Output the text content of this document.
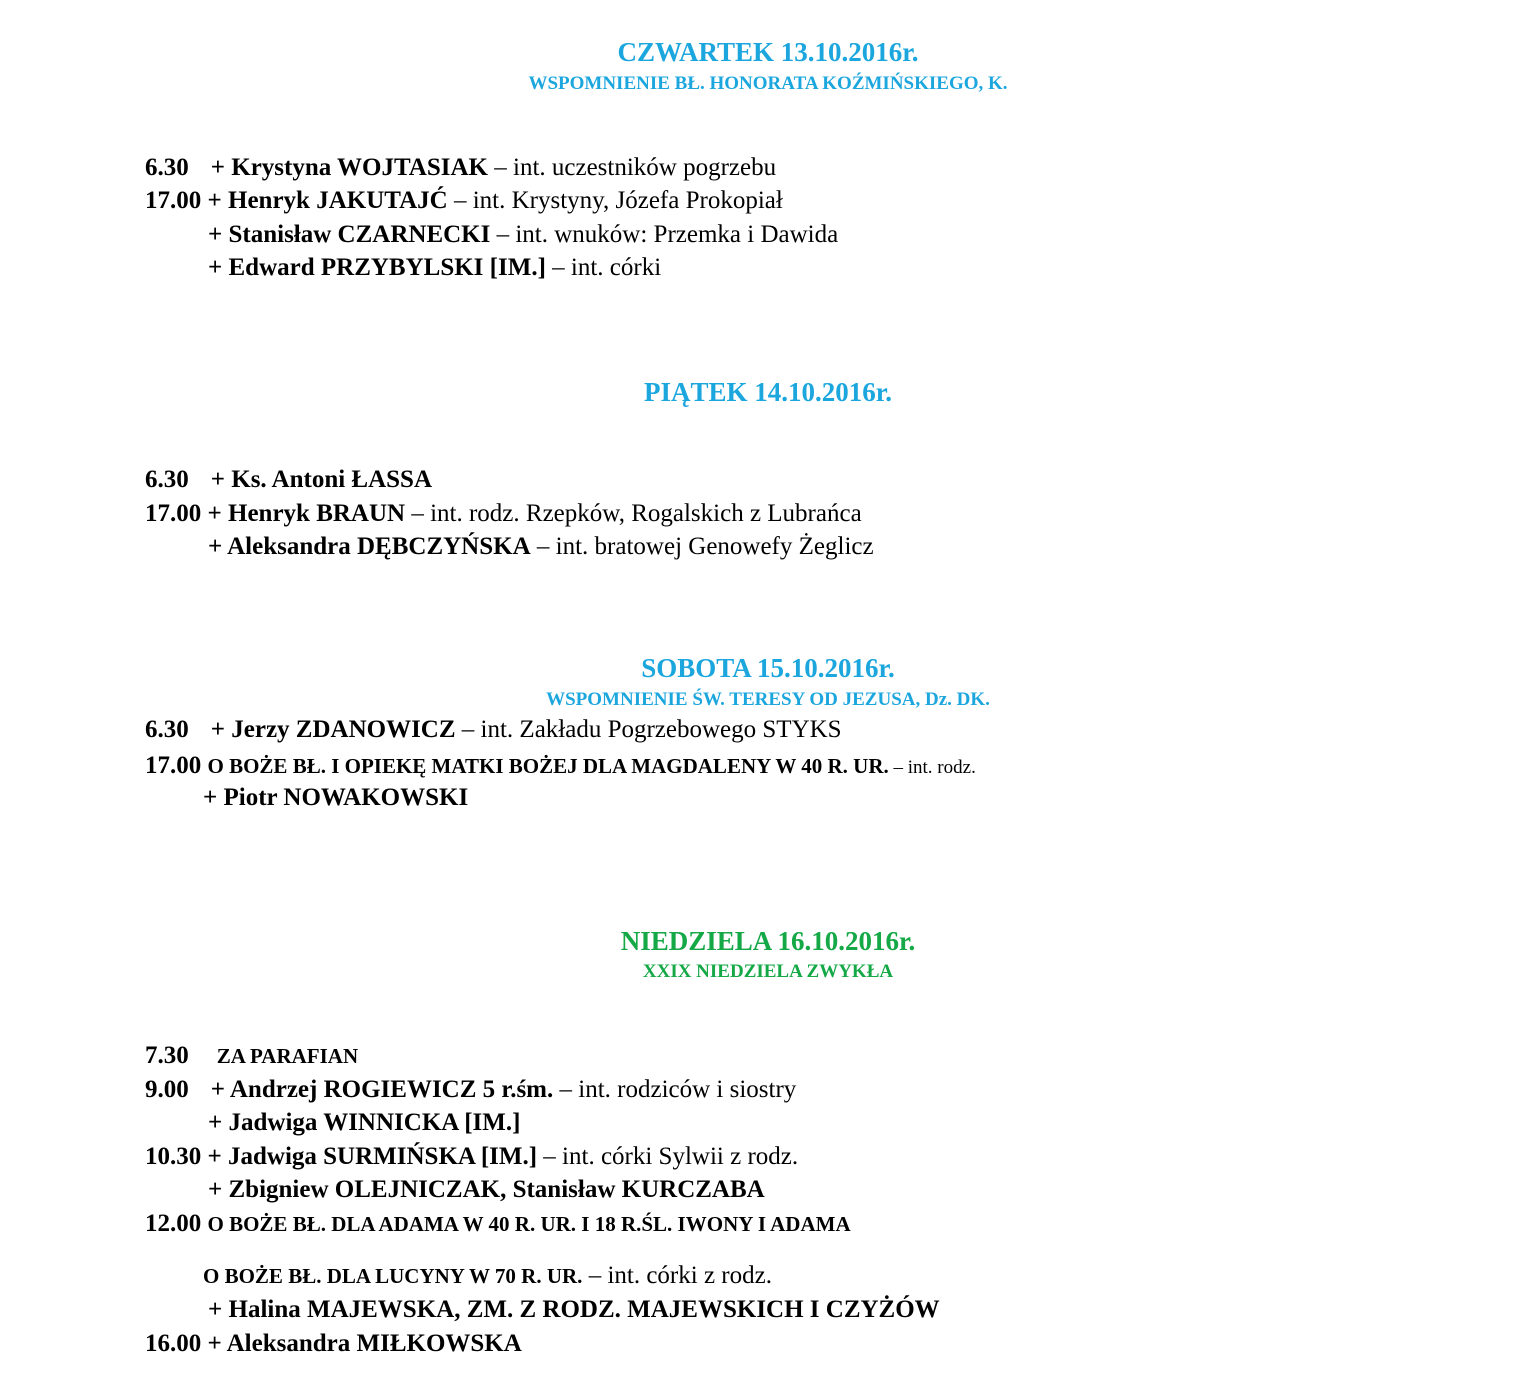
CZWARTEK 13.10.2016r.
WSPOMNIENIE BŁ. HONORATA KOŹMIŃSKIEGO, K.
6.30 + Krystyna WOJTASIAK – int. uczestników pogrzebu
17.00 + Henryk JAKUTAJĆ – int. Krystyny, Józefa Prokopiał
+ Stanisław CZARNECKI – int. wnuków: Przemka i Dawida
+ Edward PRZYBYLSKI [IM.] – int. córki
PIĄTEK 14.10.2016r.
6.30 + Ks. Antoni ŁASSA
17.00 + Henryk BRAUN – int. rodz. Rzepków, Rogalskich z Lubrańca
+ Aleksandra DĘBCZYŃSKA – int. bratowej Genowefy Żeglicz
SOBOTA 15.10.2016r.
WSPOMNIENIE ŚW. TERESY OD JEZUSA, Dz. DK.
6.30 + Jerzy ZDANOWICZ – int. Zakładu Pogrzebowego STYKS
17.00 O BOŻE BŁ. I OPIEKĘ MATKI BOŻEJ DLA MAGDALENY W 40 R. UR. – int. rodz.
+ Piotr NOWAKOWSKI
NIEDZIELA 16.10.2016r.
XXIX NIEDZIELA ZWYKŁA
7.30 ZA PARAFIAN
9.00 + Andrzej ROGIEWICZ 5 r.śm. – int. rodziców i siostry
+ Jadwiga WINNICKA [IM.]
10.30 + Jadwiga SURMIŃSKA [IM.] – int. córki Sylwii z rodz.
+ Zbigniew OLEJNICZAK, Stanisław KURCZABA
12.00 O BOŻE BŁ. DLA ADAMA W 40 R. UR. I 18 R.ŚL. IWONY I ADAMA
O BOŻE BŁ. DLA LUCYNY W 70 R. UR. – int. córki z rodz.
+ Halina MAJEWSKA, ZM. Z RODZ. MAJEWSKICH I CZYŻÓW
16.00 + Aleksandra MIŁKOWSKA
